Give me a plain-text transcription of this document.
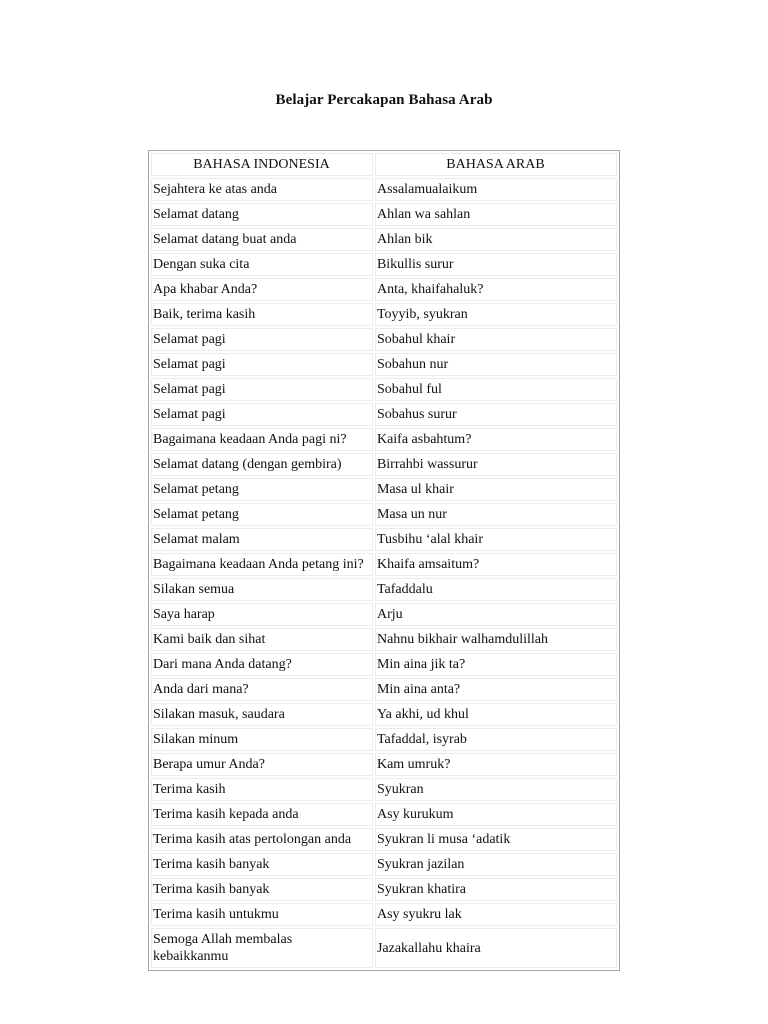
Belajar Percakapan Bahasa Arab
BAHASA INDONESIA	BAHASA ARAB
Sejahtera ke atas anda	Assalamualaikum
Selamat datang	Ahlan wa sahlan
Selamat datang buat anda	Ahlan bik
Dengan suka cita	Bikullis surur
Apa khabar Anda?	Anta, khaifahaluk?
Baik, terima kasih	Toyyib, syukran
Selamat pagi	Sobahul khair
Selamat pagi	Sobahun nur
Selamat pagi	Sobahul ful
Selamat pagi	Sobahus surur
Bagaimana keadaan Anda pagi ni?	Kaifa asbahtum?
Selamat datang (dengan gembira)	Birrahbi wassurur
Selamat petang	Masa ul khair
Selamat petang	Masa un nur
Selamat malam	Tusbihu ‘alal khair
Bagaimana keadaan Anda petang ini?	Khaifa amsaitum?
Silakan semua	Tafaddalu
Saya harap	Arju
Kami baik dan sihat	Nahnu bikhair walhamdulillah
Dari mana Anda datang?	Min aina jik ta?
Anda dari mana?	Min aina anta?
Silakan masuk, saudara	Ya akhi, ud khul
Silakan minum	Tafaddal, isyrab
Berapa umur Anda?	Kam umruk?
Terima kasih	Syukran
Terima kasih kepada anda	Asy kurukum
Terima kasih atas pertolongan anda	Syukran li musa ‘adatik
Terima kasih banyak	Syukran jazilan
Terima kasih banyak	Syukran khatira
Terima kasih untukmu	Asy syukru lak
Semoga Allah membalas kebaikkanmu	Jazakallahu khaira
